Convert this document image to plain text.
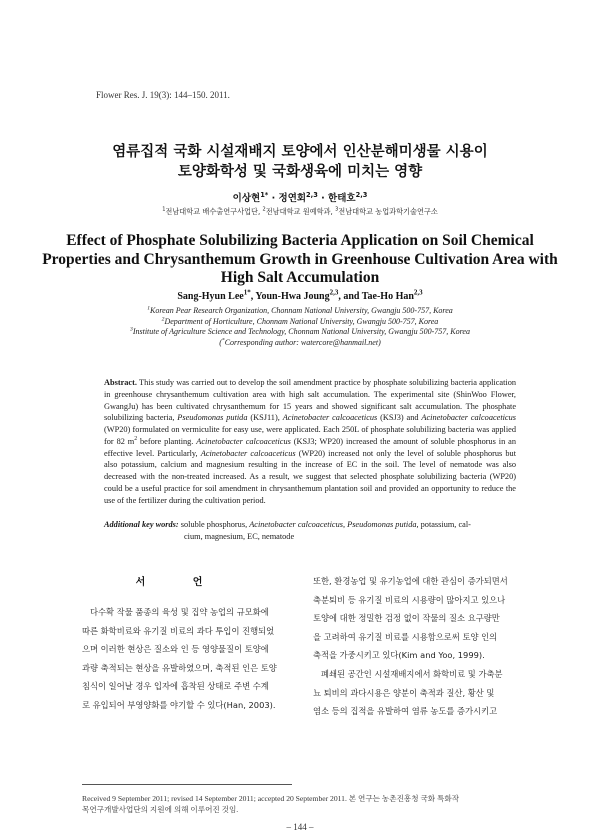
Flower Res. J. 19(3): 144–150. 2011.
염류집적 국화 시설재배지 토양에서 인산분해미생물 시용이
토양화학성 및 국화생육에 미치는 영향
이상현$^{1*}$ · 정연회$^{2,3}$ · 한태호$^{2,3}$
$^1$전남대학교 배수출연구사업단, $^2$전남대학교 원예학과, $^3$전남대학교 농업과학기술연구소
Effect of Phosphate Solubilizing Bacteria Application on Soil Chemical Properties and Chrysanthemum Growth in Greenhouse Cultivation Area with High Salt Accumulation
Sang-Hyun Lee$^{1*}$, Youn-Hwa Joung$^{2,3}$, and Tae-Ho Han$^{2,3}$
$^1$Korean Pear Research Organization, Chonnam National University, Gwangju 500-757, Korea
$^2$Department of Horticulture, Chonnam National University, Gwangju 500-757, Korea
$^3$Institute of Agriculture Science and Technology, Chonnam National University, Gwangju 500-757, Korea
(*Corresponding author: watercore@hanmail.net)
Abstract. This study was carried out to develop the soil amendment practice by phosphate solubilizing bacteria application in greenhouse chrysanthemum cultivation area with high salt accumulation. The experimental site (ShinWoo Flower, GwangJu) has been cultivated chrysanthemum for 15 years and showed significant salt accumulation. The phosphate solubilizing bacteria, Pseudomonas putida (KSJ11), Acinetobacter calcoaceticus (KSJ3) and Acinetobacter calcoaceticus (WP20) formulated on vermiculite for easy use, were applicated. Each 250L of phosphate solubilizing bacteria was applied for 82 $m^2$ before planting. Acinetobacter calcoaceticus (KSJ3; WP20) increased the amount of soluble phosphorus in an effective level. Particularly, Acinetobacter calcoaceticus (WP20) increased not only the level of soluble phosphorus but also potassium, calcium and magnesium resulting in the increase of EC in the soil. The level of nematode was also decreased with the non-treated increased. As a result, we suggest that selected phosphate solubilizing bacteria (WP20) could be a useful practice for soil amendment in chrysanthemum plantation soil and provided an opportunity to reduce the use of the fertilizer during the cultivation period.
Additional key words: soluble phosphorus, Acinetobacter calcoaceticus, Pseudomonas putida, potassium, cal-
cium, magnesium, EC, nematode
서 언
다수확 작물 품종의 육성 및 집약 농업의 규모화에
따른 화학비료와 유기질 비료의 과다 투입이 진행되었
으며 이러한 현상은 질소와 인 등 영양물질이 토양에
과량 축적되는 현상을 유발하였으며, 축적된 인은 토양
침식이 일어날 경우 입자에 흡착된 상태로 주변 수계
로 유입되어 부영양화를 야기할 수 있다(Han, 2003).
또한, 환경농업 및 유기농업에 대한 관심이 증가되면서
축분퇴비 등 유기질 비료의 시용량이 많아지고 있으나
토양에 대한 정밀한 검정 없이 작물의 질소 요구량만
을 고려하여 유기질 비료를 시용함으로써 토양 인의
축적을 가중시키고 있다(Kim and Yoo, 1999).
폐쇄된 공간인 시설재배지에서 화학비료 및 가축분
뇨 퇴비의 과다시용은 양분이 축적과 질산, 황산 및
염소 등의 집적을 유발하여 염류 농도를 증가시키고
Received 9 September 2011; revised 14 September 2011; accepted 20 September 2011. 본 연구는 농촌진흥청 국화 특화작
목연구개발사업단의 지원에 의해 이루어진 것임.
– 144 –
